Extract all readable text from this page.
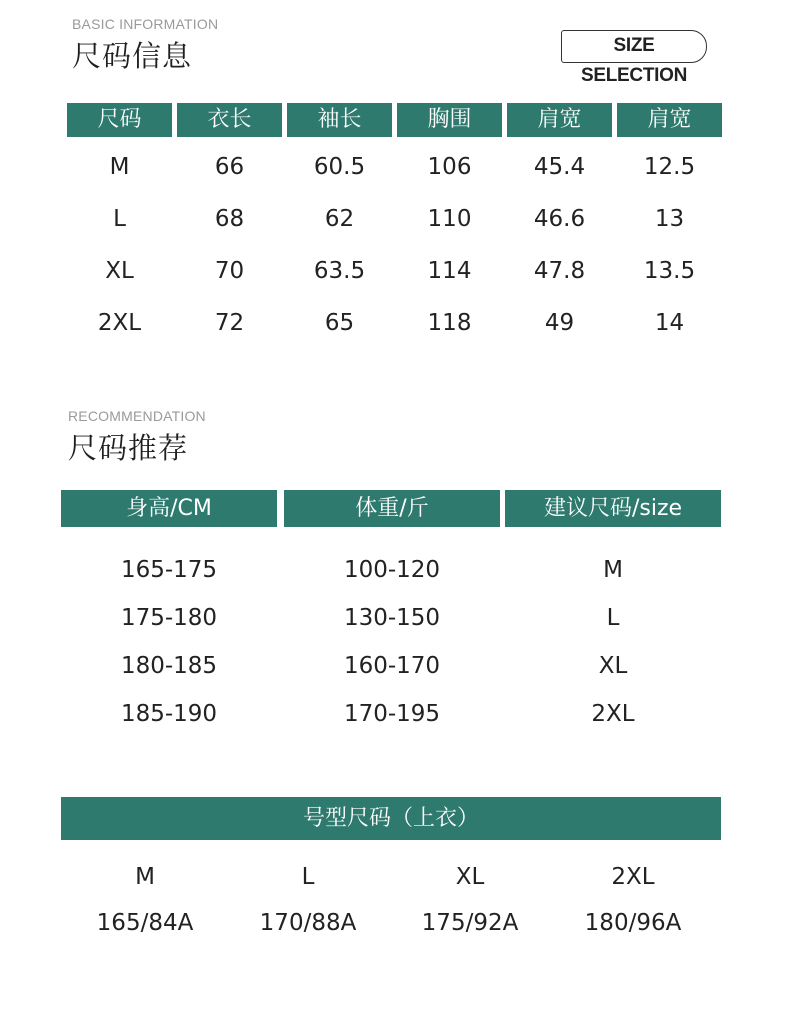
BASIC INFORMATION
尺码信息	SIZE SELECTION
尺码	衣长	袖长	胸围	肩宽	肩宽
M	66	60.5	106	45.4	12.5
L	68	62	110	46.6	13
XL	70	63.5	114	47.8	13.5
2XL	72	65	118	49	14
RECOMMENDATION
尺码推荐
身高/CM	体重/斤	建议尺码/size
165-175	100-120	M
175-180	130-150	L
180-185	160-170	XL
185-190	170-195	2XL
号型尺码（上衣）
M	L	XL	2XL
165/84A	170/88A	175/92A	180/96A
